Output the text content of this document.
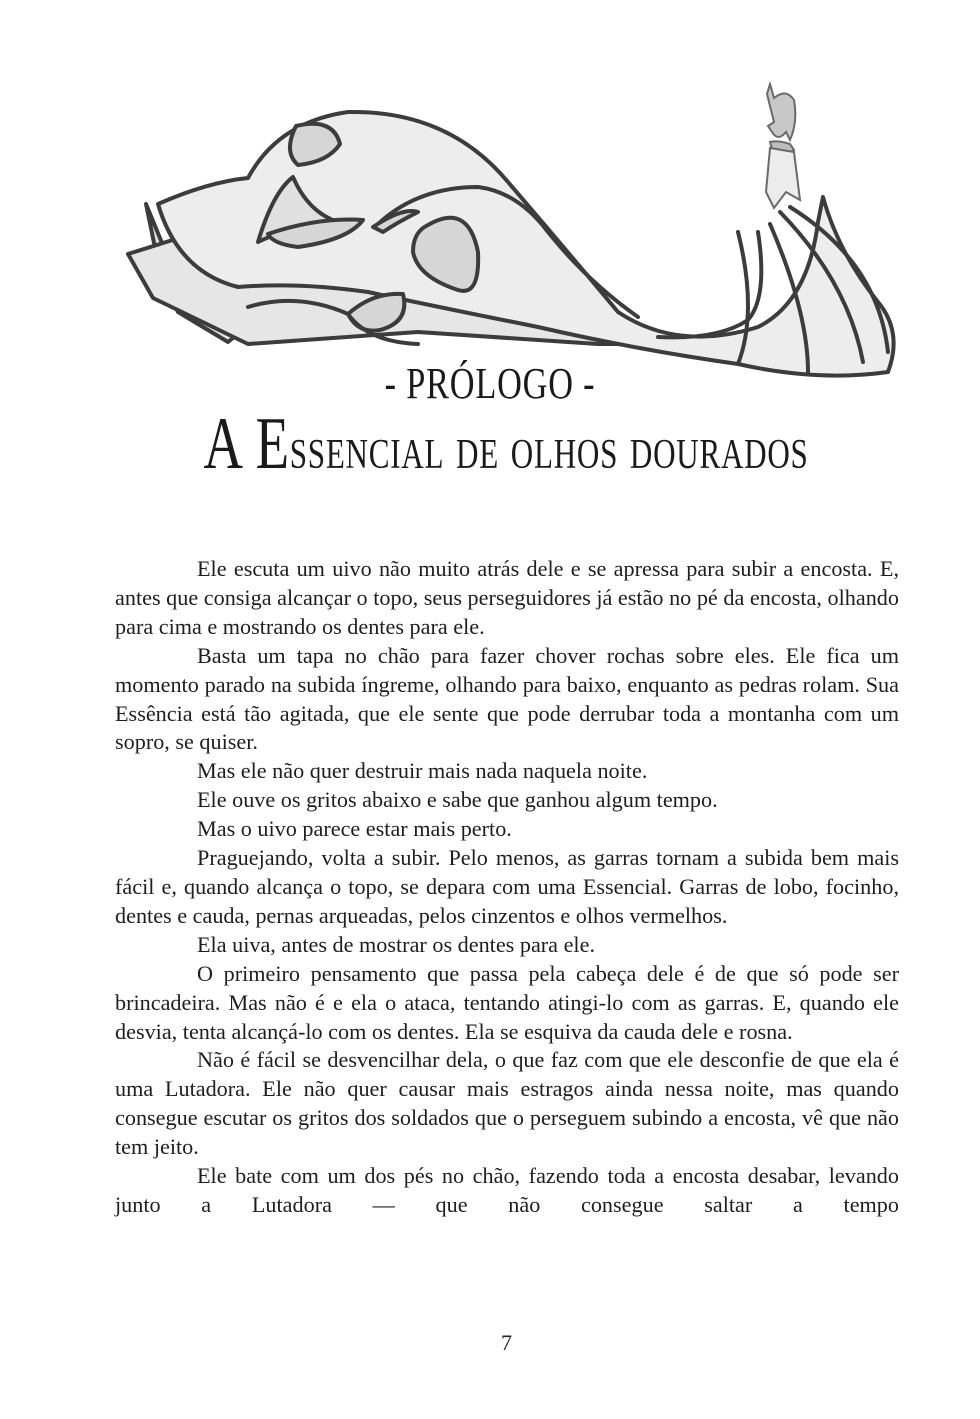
- PRÓLOGO -
A Essencial de olhos dourados

Ele escuta um uivo não muito atrás dele e se apressa para subir a encosta. E, antes que consiga alcançar o topo, seus perseguidores já estão no pé da encosta, olhando para cima e mostrando os dentes para ele.

Basta um tapa no chão para fazer chover rochas sobre eles. Ele fica um momento parado na subida íngreme, olhando para baixo, enquanto as pedras rolam. Sua Essência está tão agitada, que ele sente que pode derrubar toda a montanha com um sopro, se quiser.

Mas ele não quer destruir mais nada naquela noite.

Ele ouve os gritos abaixo e sabe que ganhou algum tempo.

Mas o uivo parece estar mais perto.

Praguejando, volta a subir. Pelo menos, as garras tornam a subida bem mais fácil e, quando alcança o topo, se depara com uma Essencial. Garras de lobo, focinho, dentes e cauda, pernas arqueadas, pelos cinzentos e olhos vermelhos.

Ela uiva, antes de mostrar os dentes para ele.

O primeiro pensamento que passa pela cabeça dele é de que só pode ser brincadeira. Mas não é e ela o ataca, tentando atingi-lo com as garras. E, quando ele desvia, tenta alcançá-lo com os dentes. Ela se esquiva da cauda dele e rosna.

Não é fácil se desvencilhar dela, o que faz com que ele desconfie de que ela é uma Lutadora. Ele não quer causar mais estragos ainda nessa noite, mas quando consegue escutar os gritos dos soldados que o perseguem subindo a encosta, vê que não tem jeito.

Ele bate com um dos pés no chão, fazendo toda a encosta desabar, levando junto a Lutadora — que não consegue saltar a tempo

7
